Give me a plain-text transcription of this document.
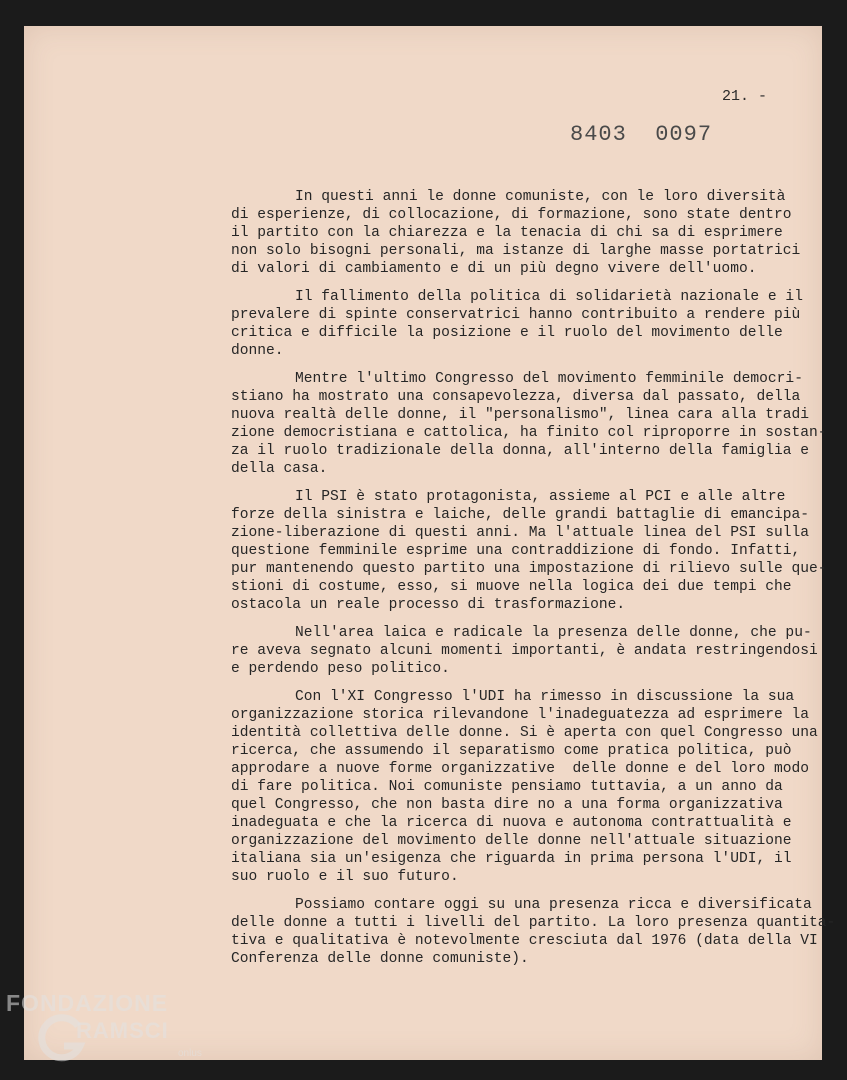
21. -
8403  0097
In questi anni le donne comuniste, con le loro diversità
di esperienze, di collocazione, di formazione, sono state dentro
il partito con la chiarezza e la tenacia di chi sa di esprimere
non solo bisogni personali, ma istanze di larghe masse portatrici
di valori di cambiamento e di un più degno vivere dell'uomo.
Il fallimento della politica di solidarietà nazionale e il
prevalere di spinte conservatrici hanno contribuito a rendere più
critica e difficile la posizione e il ruolo del movimento delle
donne.
Mentre l'ultimo Congresso del movimento femminile democri-
stiano ha mostrato una consapevolezza, diversa dal passato, della
nuova realtà delle donne, il "personalismo", linea cara alla tradi
zione democristiana e cattolica, ha finito col riproporre in sostan-
za il ruolo tradizionale della donna, all'interno della famiglia e
della casa.
Il PSI è stato protagonista, assieme al PCI e alle altre
forze della sinistra e laiche, delle grandi battaglie di emancipa-
zione-liberazione di questi anni. Ma l'attuale linea del PSI sulla
questione femminile esprime una contraddizione di fondo. Infatti,
pur mantenendo questo partito una impostazione di rilievo sulle que-
stioni di costume, esso, si muove nella logica dei due tempi che
ostacola un reale processo di trasformazione.
Nell'area laica e radicale la presenza delle donne, che pu-
re aveva segnato alcuni momenti importanti, è andata restringendosi
e perdendo peso politico.
Con l'XI Congresso l'UDI ha rimesso in discussione la sua
organizzazione storica rilevandone l'inadeguatezza ad esprimere la
identità collettiva delle donne. Si è aperta con quel Congresso una
ricerca, che assumendo il separatismo come pratica politica, può
approdare a nuove forme organizzative  delle donne e del loro modo
di fare politica. Noi comuniste pensiamo tuttavia, a un anno da
quel Congresso, che non basta dire no a una forma organizzativa
inadeguata e che la ricerca di nuova e autonoma contrattualità e
organizzazione del movimento delle donne nell'attuale situazione
italiana sia un'esigenza che riguarda in prima persona l'UDI, il
suo ruolo e il suo futuro.
Possiamo contare oggi su una presenza ricca e diversificata
delle donne a tutti i livelli del partito. La loro presenza quantita-
tiva e qualitativa è notevolmente cresciuta dal 1976 (data della VI
Conferenza delle donne comuniste).
FONDAZIONE
RAMSCI
onlus
